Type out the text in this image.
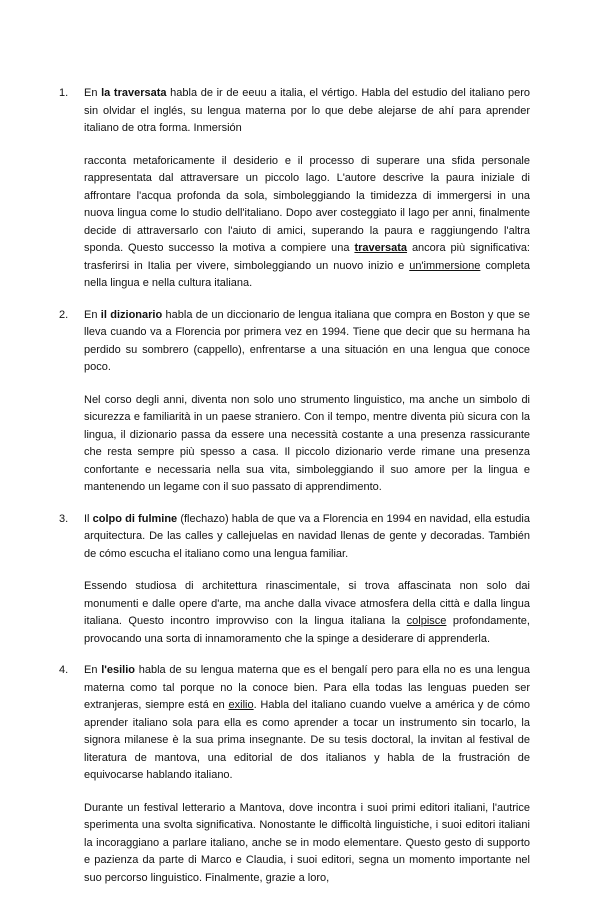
1. En la traversata habla de ir de eeuu a italia, el vértigo. Habla del estudio del italiano pero sin olvidar el inglés, su lengua materna por lo que debe alejarse de ahí para aprender italiano de otra forma. Inmersión

racconta metaforicamente il desiderio e il processo di superare una sfida personale rappresentata dal attraversare un piccolo lago. L'autore descrive la paura iniziale di affrontare l'acqua profonda da sola, simboleggiando la timidezza di immergersi in una nuova lingua come lo studio dell'italiano. Dopo aver costeggiato il lago per anni, finalmente decide di attraversarlo con l'aiuto di amici, superando la paura e raggiungendo l'altra sponda. Questo successo la motiva a compiere una traversata ancora più significativa: trasferirsi in Italia per vivere, simboleggiando un nuovo inizio e un'immersione completa nella lingua e nella cultura italiana.

2. En il dizionario habla de un diccionario de lengua italiana que compra en Boston y que se lleva cuando va a Florencia por primera vez en 1994. Tiene que decir que su hermana ha perdido su sombrero (cappello), enfrentarse a una situación en una lengua que conoce poco.

Nel corso degli anni, diventa non solo uno strumento linguistico, ma anche un simbolo di sicurezza e familiarità in un paese straniero. Con il tempo, mentre diventa più sicura con la lingua, il dizionario passa da essere una necessità costante a una presenza rassicurante che resta sempre più spesso a casa. Il piccolo dizionario verde rimane una presenza confortante e necessaria nella sua vita, simboleggiando il suo amore per la lingua e mantenendo un legame con il suo passato di apprendimento.

3. Il colpo di fulmine (flechazo) habla de que va a Florencia en 1994 en navidad, ella estudia arquitectura. De las calles y callejuelas en navidad llenas de gente y decoradas. También de cómo escucha el italiano como una lengua familiar.

Essendo studiosa di architettura rinascimentale, si trova affascinata non solo dai monumenti e dalle opere d'arte, ma anche dalla vivace atmosfera della città e dalla lingua italiana. Questo incontro improvviso con la lingua italiana la colpisce profondamente, provocando una sorta di innamoramento che la spinge a desiderare di apprenderla.

4. En l'esilio habla de su lengua materna que es el bengalí pero para ella no es una lengua materna como tal porque no la conoce bien. Para ella todas las lenguas pueden ser extranjeras, siempre está en exilio. Habla del italiano cuando vuelve a américa y de cómo aprender italiano sola para ella es como aprender a tocar un instrumento sin tocarlo, la signora milanese è la sua prima insegnante. De su tesis doctoral, la invitan al festival de literatura de mantova, una editorial de dos italianos y habla de la frustración de equivocarse hablando italiano.

Durante un festival letterario a Mantova, dove incontra i suoi primi editori italiani, l'autrice sperimenta una svolta significativa. Nonostante le difficoltà linguistiche, i suoi editori italiani la incoraggiano a parlare italiano, anche se in modo elementare. Questo gesto di supporto e pazienza da parte di Marco e Claudia, i suoi editori, segna un momento importante nel suo percorso linguistico. Finalmente, grazie a loro,
